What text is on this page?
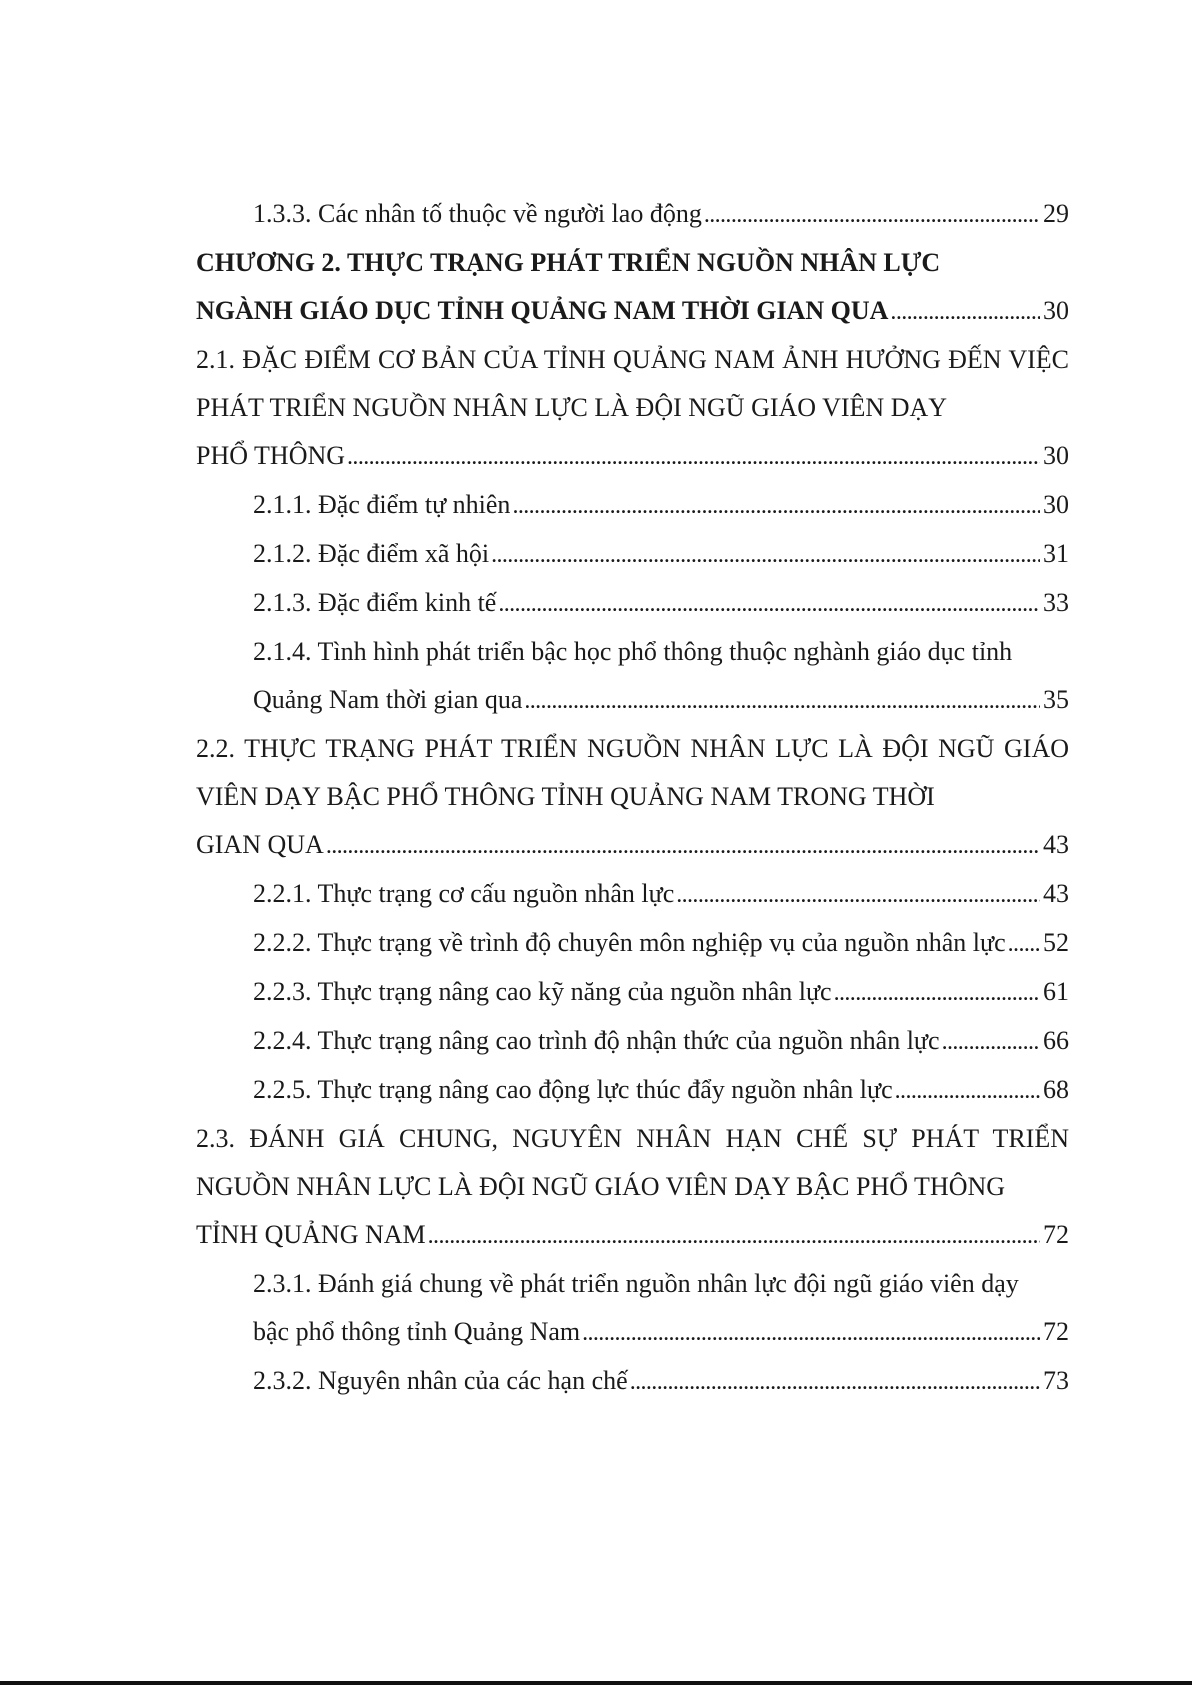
1.3.3. Các nhân tố thuộc về người lao động . . .	29
CHƯƠNG 2. THỰC TRẠNG PHÁT TRIỂN NGUỒN NHÂN LỰC
NGÀNH GIÁO DỤC TỈNH QUẢNG NAM THỜI GIAN QUA . . .	30
2.1. ĐẶC ĐIỂM CƠ BẢN CỦA TỈNH QUẢNG NAM ẢNH HƯỞNG ĐẾN VIỆC PHÁT TRIỂN NGUỒN NHÂN LỰC LÀ ĐỘI NGŨ GIÁO VIÊN DẠY
PHỔ THÔNG . . .	30
2.1.1. Đặc điểm tự nhiên . . .	30
2.1.2. Đặc điểm xã hội . . .	31
2.1.3. Đặc điểm kinh tế . . .	33
2.1.4. Tình hình phát triển bậc học phổ thông thuộc nghành giáo dục tỉnh
Quảng Nam thời gian qua . . .	35
2.2. THỰC TRẠNG PHÁT TRIỂN NGUỒN NHÂN LỰC LÀ ĐỘI NGŨ GIÁO VIÊN DẠY BẬC PHỔ THÔNG TỈNH QUẢNG NAM TRONG THỜI
GIAN QUA . . .	43
2.2.1. Thực trạng cơ cấu nguồn nhân lực . . .	43
2.2.2. Thực trạng về trình độ chuyên môn nghiệp vụ của nguồn nhân lực . . . 52
2.2.3. Thực trạng nâng cao kỹ năng của nguồn nhân lực . . .	61
2.2.4. Thực trạng nâng cao trình độ nhận thức của nguồn nhân lực . . .	66
2.2.5. Thực trạng nâng cao động lực thúc đẩy nguồn nhân lực . . .	68
2.3. ĐÁNH GIÁ CHUNG, NGUYÊN NHÂN HẠN CHẾ SỰ PHÁT TRIỂN NGUỒN NHÂN LỰC LÀ ĐỘI NGŨ GIÁO VIÊN DẠY BẬC PHỔ THÔNG
TỈNH QUẢNG NAM . . .	72
2.3.1. Đánh giá chung về phát triển nguồn nhân lực đội ngũ giáo viên dạy
bậc phổ thông tỉnh Quảng Nam . . .	72
2.3.2. Nguyên nhân của các hạn chế . . .	73
